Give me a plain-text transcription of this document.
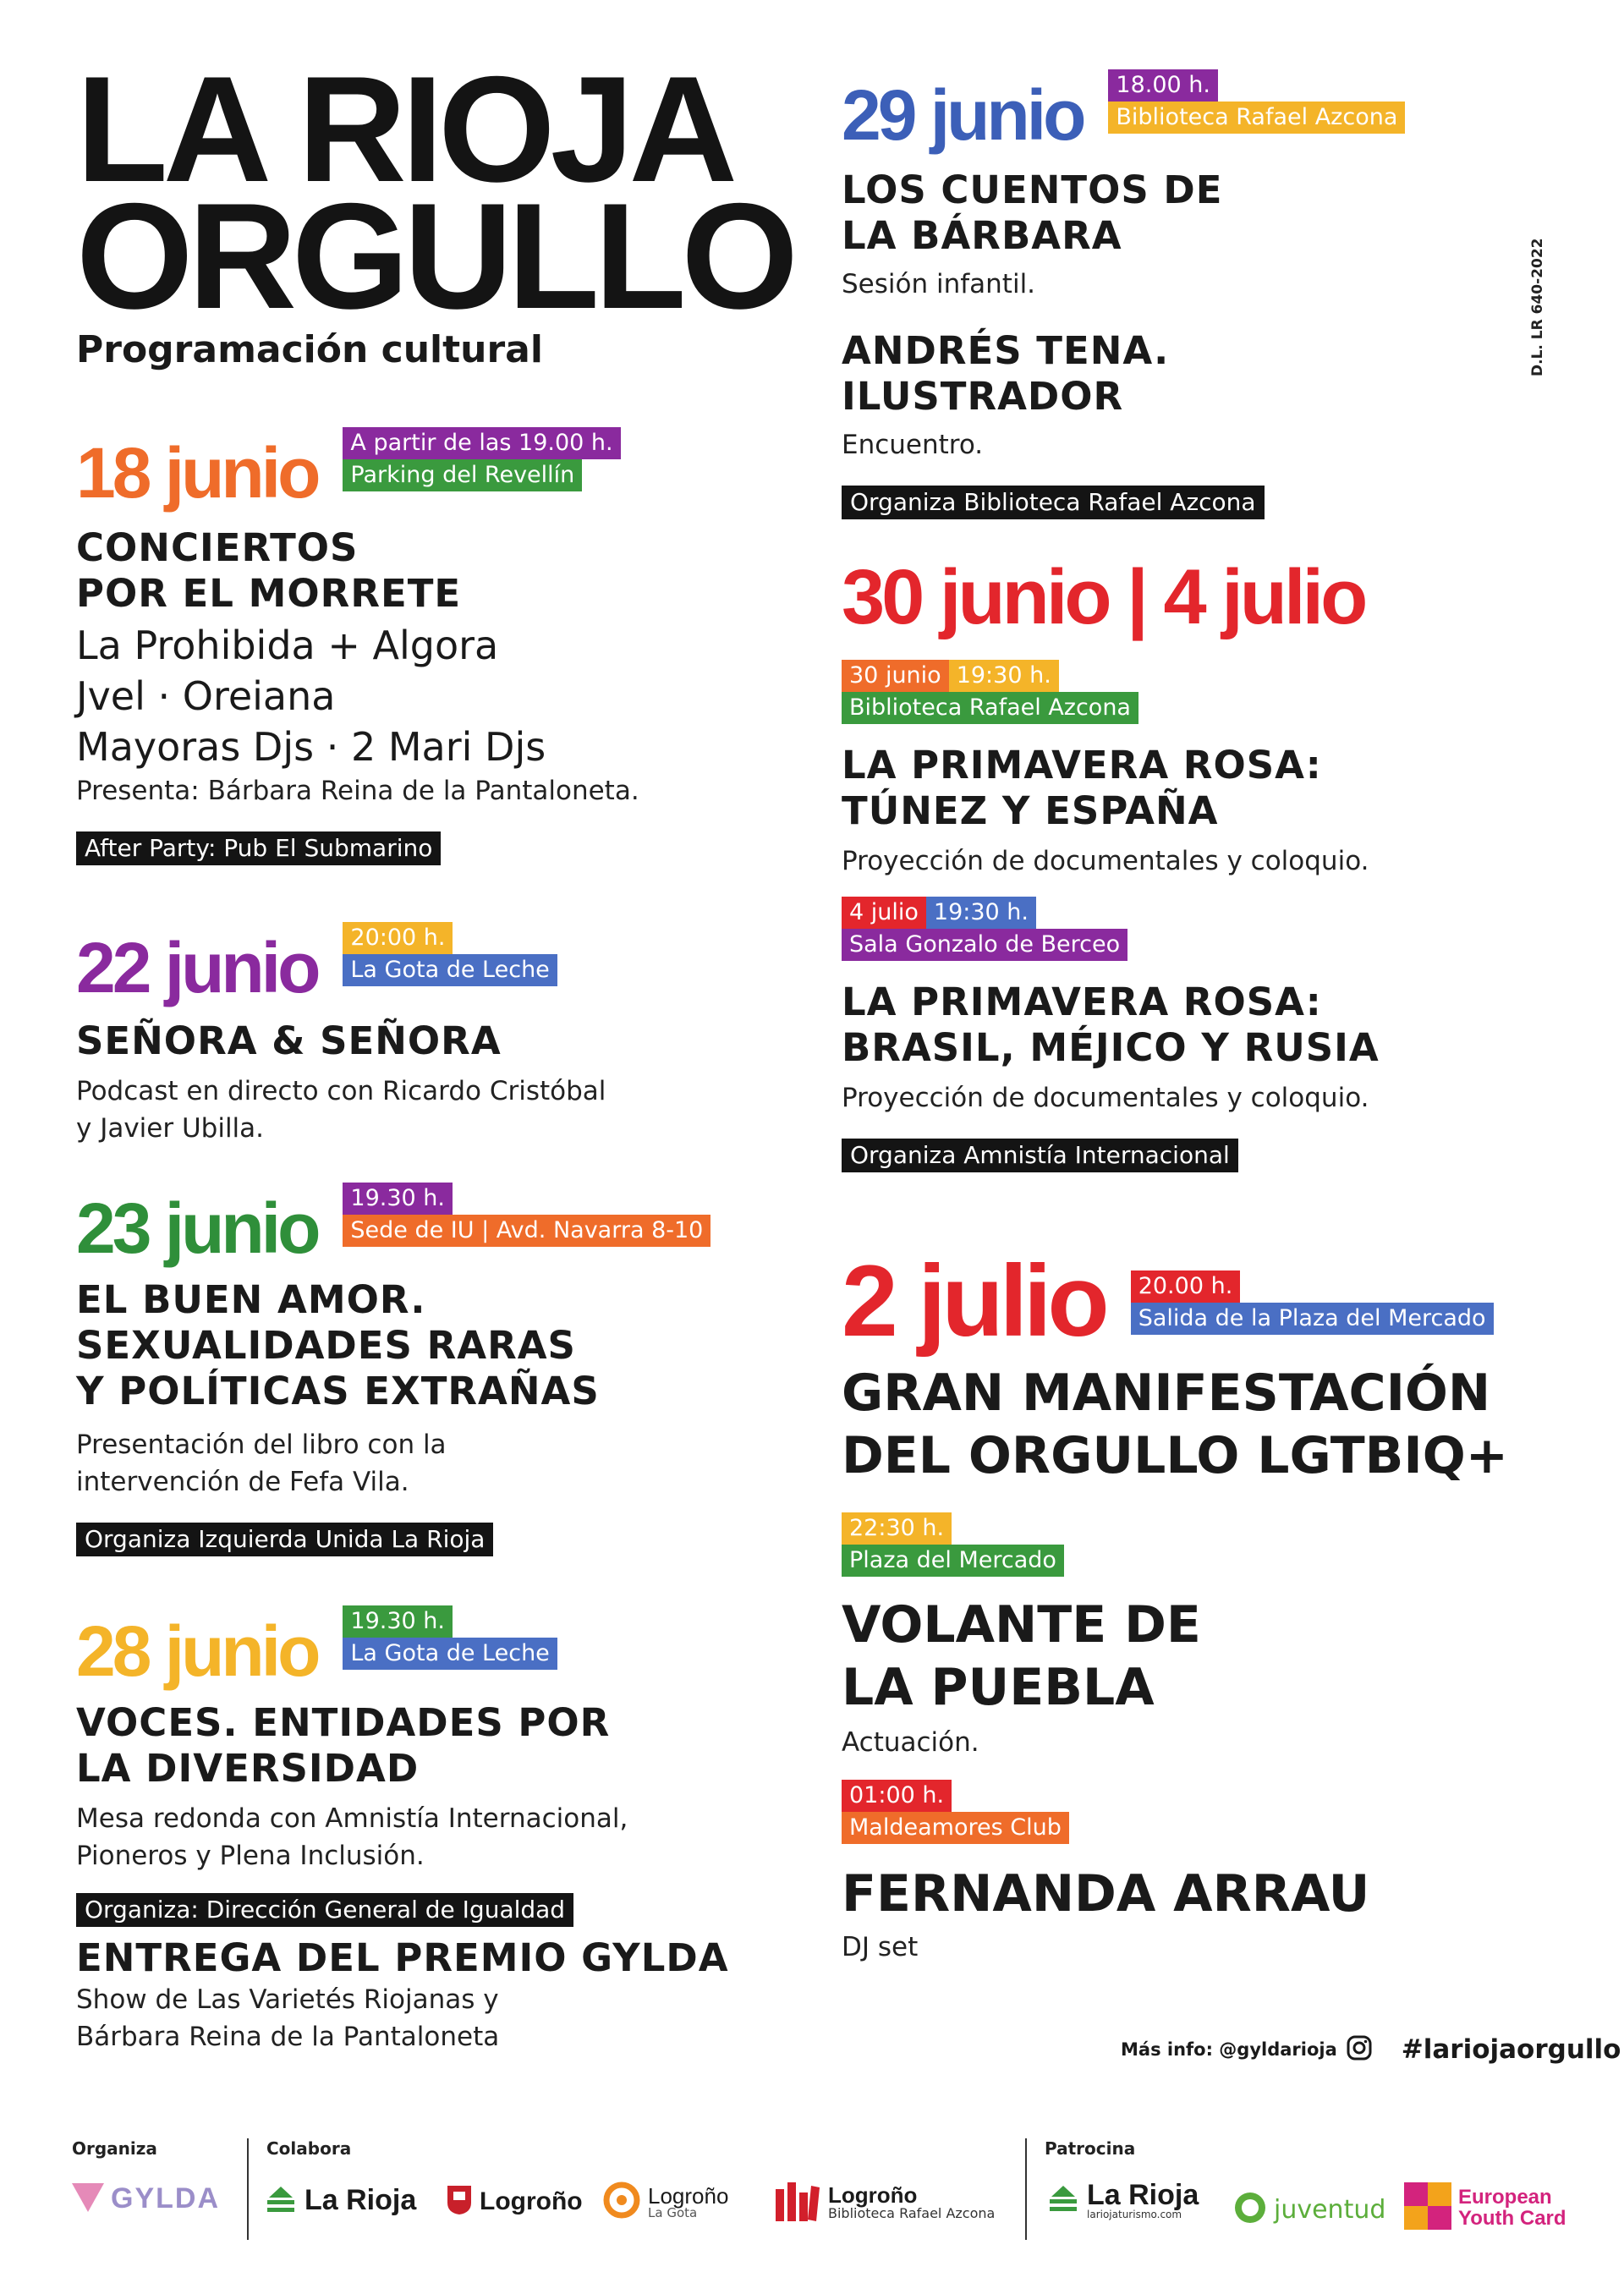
LA RIOJA
ORGULLO
Programación cultural	D.L. LR 640-2022
18 junio	A partir de las 19.00 h.
Parking del Revellín
CONCIERTOS
POR EL MORRETE
La Prohibida + Algora
Jvel · Oreiana
Mayoras Djs · 2 Mari Djs
Presenta: Bárbara Reina de la Pantaloneta.
After Party: Pub El Submarino
22 junio	20:00 h.
La Gota de Leche
SEÑORA & SEÑORA
Podcast en directo con Ricardo Cristóbal
y Javier Ubilla.
23 junio	19.30 h.
Sede de IU | Avd. Navarra 8-10
EL BUEN AMOR.
SEXUALIDADES RARAS
Y POLÍTICAS EXTRAÑAS
Presentación del libro con la
intervención de Fefa Vila.
Organiza Izquierda Unida La Rioja
28 junio	19.30 h.
La Gota de Leche
VOCES. ENTIDADES POR
LA DIVERSIDAD
Mesa redonda con Amnistía Internacional,
Pioneros y Plena Inclusión.
Organiza: Dirección General de Igualdad
ENTREGA DEL PREMIO GYLDA
Show de Las Varietés Riojanas y
Bárbara Reina de la Pantaloneta
29 junio	18.00 h.
Biblioteca Rafael Azcona
LOS CUENTOS DE
LA BÁRBARA
Sesión infantil.
ANDRÉS TENA.
ILUSTRADOR
Encuentro.
Organiza Biblioteca Rafael Azcona
30 junio | 4 julio
30 junio 19:30 h.
Biblioteca Rafael Azcona
LA PRIMAVERA ROSA:
TÚNEZ Y ESPAÑA
Proyección de documentales y coloquio.
4 julio 19:30 h.
Sala Gonzalo de Berceo
LA PRIMAVERA ROSA:
BRASIL, MÉJICO Y RUSIA
Proyección de documentales y coloquio.
Organiza Amnistía Internacional
2 julio	20.00 h.
Salida de la Plaza del Mercado
GRAN MANIFESTACIÓN
DEL ORGULLO LGTBIQ+
22:30 h.
Plaza del Mercado
VOLANTE DE
LA PUEBLA
Actuación.
01:00 h.
Maldeamores Club
FERNANDA ARRAU
DJ set
Más info: @gyldarioja #lariojaorgullo
Organiza	Colabora	Patrocina
GYLDA	La Rioja Logroño	Logroño
La Gota
Logroño
Biblioteca Rafael Azcona
La Rioja
lariojaturismo.com	juventud	European
Youth Card
